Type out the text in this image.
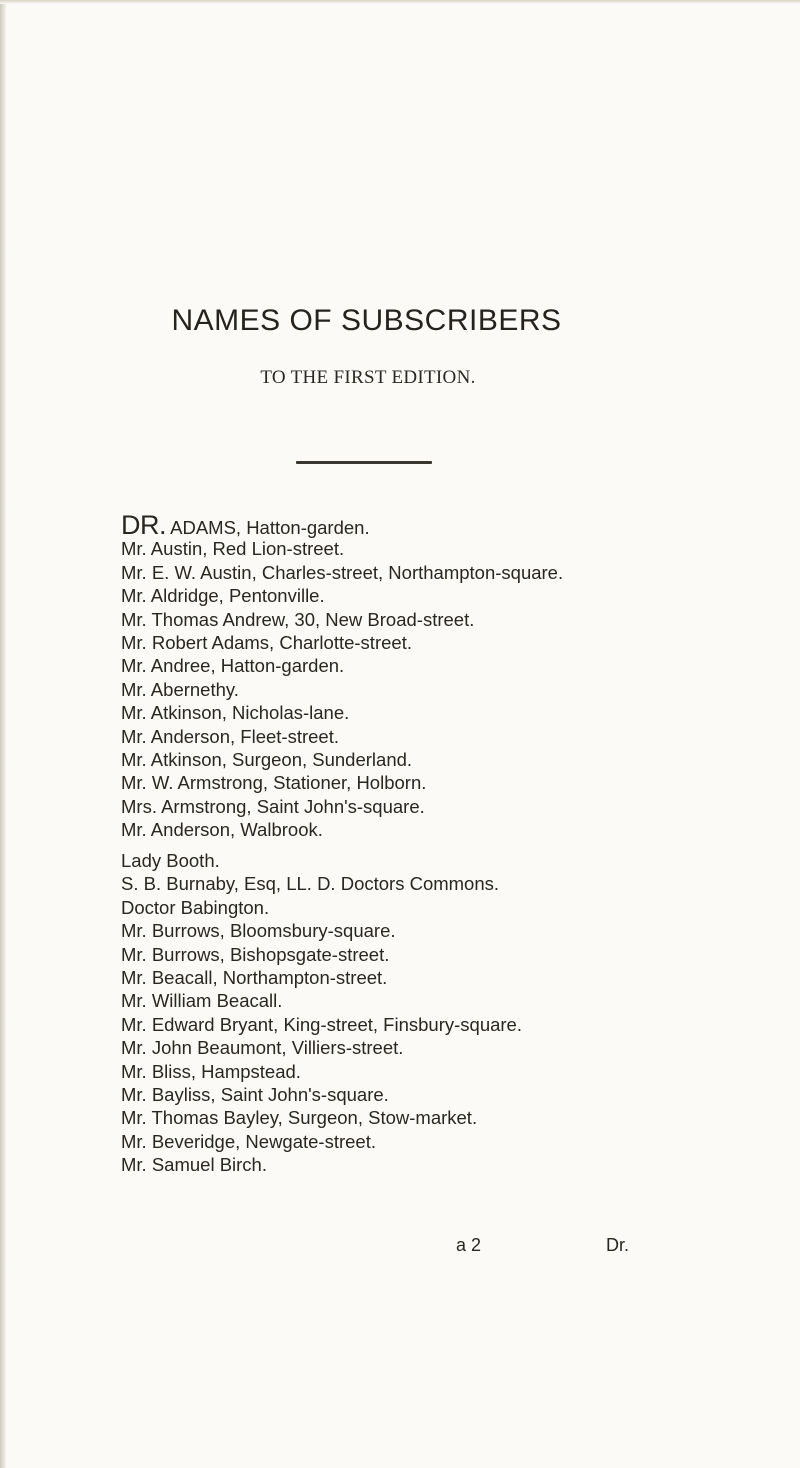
NAMES OF SUBSCRIBERS
TO THE FIRST EDITION.
DR. ADAMS, Hatton-garden.
Mr. Austin, Red Lion-street.
Mr. E. W. Austin, Charles-street, Northampton-square.
Mr. Aldridge, Pentonville.
Mr. Thomas Andrew, 30, New Broad-street.
Mr. Robert Adams, Charlotte-street.
Mr. Andree, Hatton-garden.
Mr. Abernethy.
Mr. Atkinson, Nicholas-lane.
Mr. Anderson, Fleet-street.
Mr. Atkinson, Surgeon, Sunderland.
Mr. W. Armstrong, Stationer, Holborn.
Mrs. Armstrong, Saint John's-square.
Mr. Anderson, Walbrook.
Lady Booth.
S. B. Burnaby, Esq, LL. D. Doctors Commons.
Doctor Babington.
Mr. Burrows, Bloomsbury-square.
Mr. Burrows, Bishopsgate-street.
Mr. Beacall, Northampton-street.
Mr. William Beacall.
Mr. Edward Bryant, King-street, Finsbury-square.
Mr. John Beaumont, Villiers-street.
Mr. Bliss, Hampstead.
Mr. Bayliss, Saint John's-square.
Mr. Thomas Bayley, Surgeon, Stow-market.
Mr. Beveridge, Newgate-street.
Mr. Samuel Birch.
a 2	Dr.
